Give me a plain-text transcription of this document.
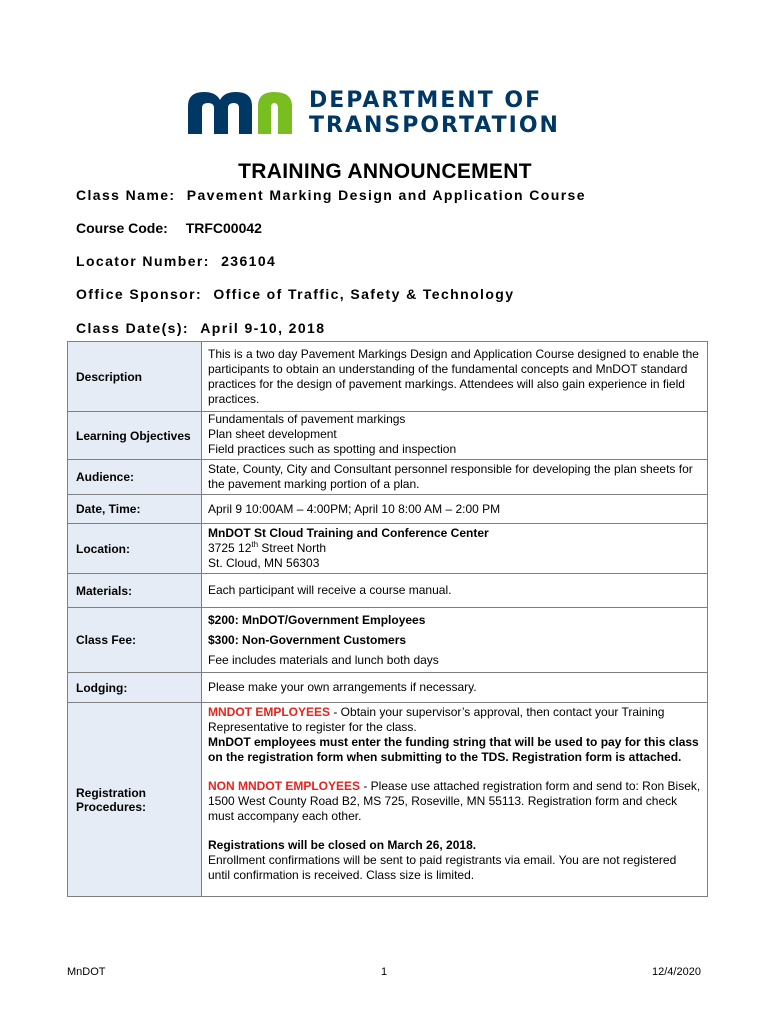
DEPARTMENT OF
TRANSPORTATION
TRAINING ANNOUNCEMENT
Class Name: Pavement Marking Design and Application Course
Course Code: TRFC00042
Locator Number: 236104
Office Sponsor: Office of Traffic, Safety & Technology
Class Date(s): April 9-10, 2018
Description	This is a two day Pavement Markings Design and Application Course designed to enable the participants to obtain an understanding of the fundamental concepts and MnDOT standard practices for the design of pavement markings. Attendees will also gain experience in field practices.
Learning Objectives	Fundamentals of pavement markings
Plan sheet development
Field practices such as spotting and inspection

Audience:	State, County, City and Consultant personnel responsible for developing the plan sheets for the pavement marking portion of a plan.
Date, Time:	April 9 10:00AM – 4:00PM; April 10 8:00 AM – 2:00 PM
Location:	MnDOT St Cloud Training and Conference Center
3725 12th Street North
St. Cloud, MN 56303

Materials:	Each participant will receive a course manual.
Class Fee:	$200: MnDOT/Government Employees
$300: Non-Government Customers
Fee includes materials and lunch both days

Lodging:	Please make your own arrangements if necessary.
Registration Procedures:	MNDOT EMPLOYEES - Obtain your supervisor’s approval, then contact your Training Representative to register for the class.
MnDOT employees must enter the funding string that will be used to pay for this class on the registration form when submitting to the TDS. Registration form is attached.
NON MNDOT EMPLOYEES - Please use attached registration form and send to: Ron Bisek, 1500 West County Road B2, MS 725, Roseville, MN 55113. Registration form and check must accompany each other.
Registrations will be closed on March 26, 2018.
Enrollment confirmations will be sent to paid registrants via email. You are not registered until confirmation is received. Class size is limited.
MnDOT	1	12/4/2020
